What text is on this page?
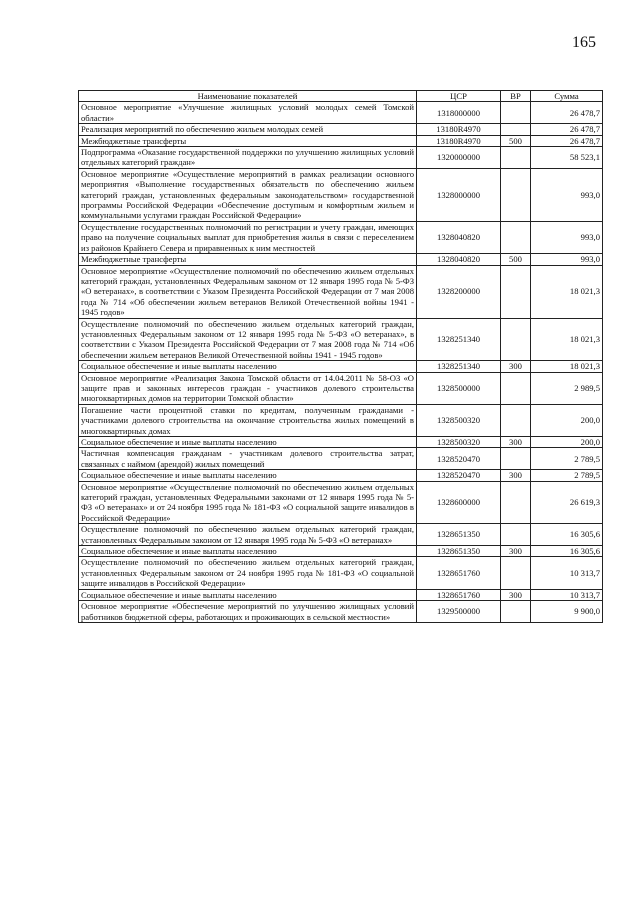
165
Наименование показателей	ЦСР	ВР	Сумма
Основное мероприятие «Улучшение жилищных условий молодых семей Томской области»	1318000000		26 478,7
Реализация мероприятий по обеспечению жильем молодых семей	13180R4970		26 478,7
Межбюджетные трансферты	13180R4970	500	26 478,7
Подпрограмма «Оказание государственной поддержки по улучшению жилищных условий отдельных категорий граждан»	1320000000		58 523,1
Основное мероприятие «Осуществление мероприятий в рамках реализации основного мероприятия «Выполнение государственных обязательств по обеспечению жильем категорий граждан, установленных федеральным законодательством» государственной программы Российской Федерации «Обеспечение доступным и комфортным жильем и коммунальными услугами граждан Российской Федерации»	1328000000		993,0
Осуществление государственных полномочий по регистрации и учету граждан, имеющих право на получение социальных выплат для приобретения жилья в связи с переселением из районов Крайнего Севера и приравненных к ним местностей	1328040820		993,0
Межбюджетные трансферты	1328040820	500	993,0
Основное мероприятие «Осуществление полномочий по обеспечению жильем отдельных категорий граждан, установленных Федеральным законом от 12 января 1995 года № 5-ФЗ «О ветеранах», в соответствии с Указом Президента Российской Федерации от 7 мая 2008 года № 714 «Об обеспечении жильем ветеранов Великой Отечественной войны 1941 - 1945 годов»	1328200000		18 021,3
Осуществление полномочий по обеспечению жильем отдельных категорий граждан, установленных Федеральным законом от 12 января 1995 года № 5-ФЗ «О ветеранах», в соответствии с Указом Президента Российской Федерации от 7 мая 2008 года № 714 «Об обеспечении жильем ветеранов Великой Отечественной войны 1941 - 1945 годов»	1328251340		18 021,3
Социальное обеспечение и иные выплаты населению	1328251340	300	18 021,3
Основное мероприятие «Реализация Закона Томской области от 14.04.2011 № 58-ОЗ «О защите прав и законных интересов граждан - участников долевого строительства многоквартирных домов на территории Томской области»	1328500000		2 989,5
Погашение части процентной ставки по кредитам, полученным гражданами - участниками долевого строительства на окончание строительства жилых помещений в многоквартирных домах	1328500320		200,0
Социальное обеспечение и иные выплаты населению	1328500320	300	200,0
Частичная компенсация гражданам - участникам долевого строительства затрат, связанных с наймом (арендой) жилых помещений	1328520470		2 789,5
Социальное обеспечение и иные выплаты населению	1328520470	300	2 789,5
Основное мероприятие «Осуществление полномочий по обеспечению жильем отдельных категорий граждан, установленных Федеральными законами от 12 января 1995 года № 5-ФЗ «О ветеранах» и от 24 ноября 1995 года № 181-ФЗ «О социальной защите инвалидов в Российской Федерации»	1328600000		26 619,3
Осуществление полномочий по обеспечению жильем отдельных категорий граждан, установленных Федеральным законом от 12 января 1995 года № 5-ФЗ «О ветеранах»	1328651350		16 305,6
Социальное обеспечение и иные выплаты населению	1328651350	300	16 305,6
Осуществление полномочий по обеспечению жильем отдельных категорий граждан, установленных Федеральным законом от 24 ноября 1995 года № 181-ФЗ «О социальной защите инвалидов в Российской Федерации»	1328651760		10 313,7
Социальное обеспечение и иные выплаты населению	1328651760	300	10 313,7
Основное мероприятие «Обеспечение мероприятий по улучшению жилищных условий работников бюджетной сферы, работающих и проживающих в сельской местности»	1329500000		9 900,0
